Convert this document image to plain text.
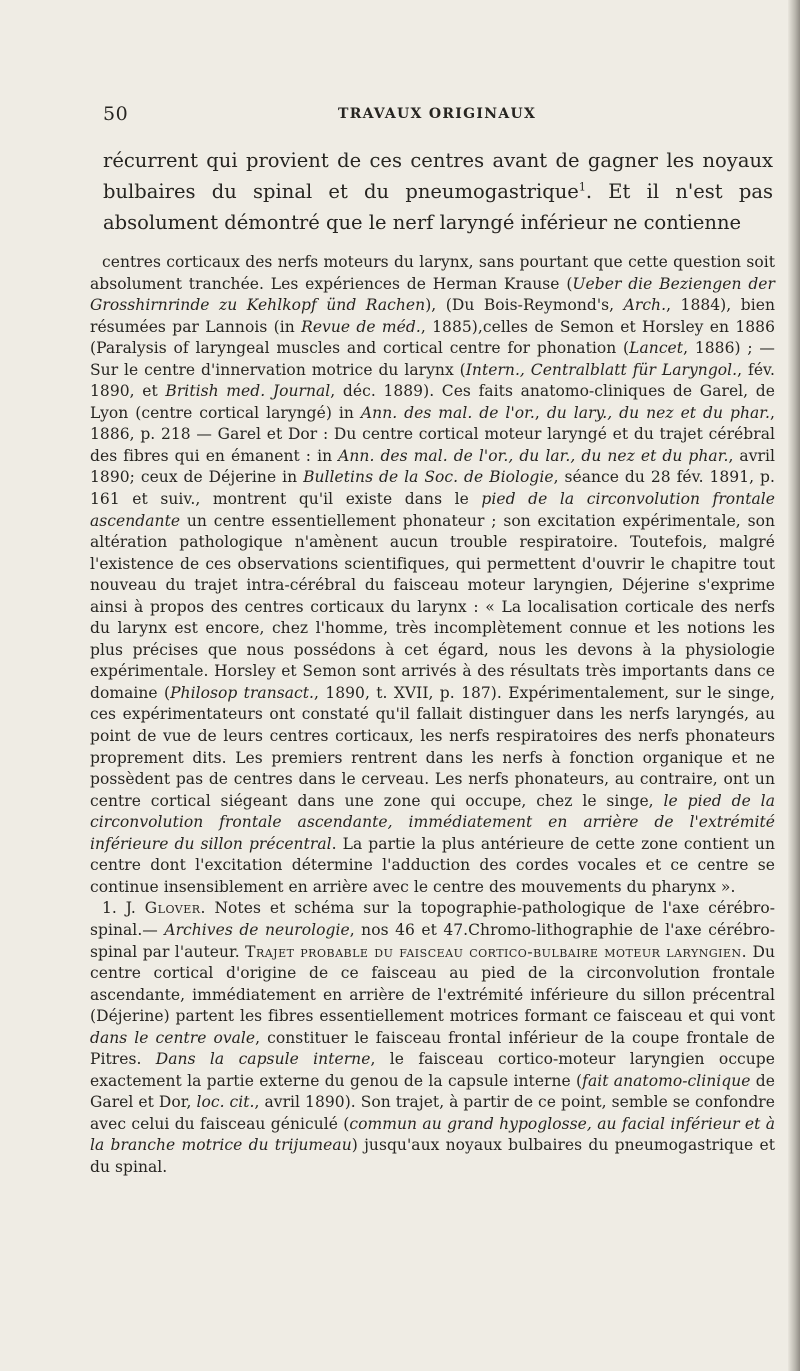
50	TRAVAUX ORIGINAUX
récurrent qui provient de ces centres avant de gagner les noyaux bulbaires du spinal et du pneumogastrique$^1$. Et il n'est pas absolument démontré que le nerf laryngé inférieur ne contienne

centres corticaux des nerfs moteurs du larynx, sans pourtant que cette question soit absolument tranchée. Les expériences de Herman Krause (Ueber die Beziengen der Grosshirnrinde zu Kehlkopf ünd Rachen), (Du Bois-Reymond's, Arch., 1884), bien résumées par Lannois (in Revue de méd., 1885),celles de Semon et Horsley en 1886 (Paralysis of laryngeal muscles and cortical centre for phonation (Lancet, 1886) ; — Sur le centre d'innervation motrice du larynx (Intern., Centralblatt für Laryngol., fév. 1890, et British med. Journal, déc. 1889). Ces faits anatomo-cliniques de Garel, de Lyon (centre cortical laryngé) in Ann. des mal. de l'or., du lary., du nez et du phar., 1886, p. 218 — Garel et Dor : Du centre cortical moteur laryngé et du trajet cérébral des fibres qui en émanent : in Ann. des mal. de l'or., du lar., du nez et du phar., avril 1890; ceux de Déjerine in Bulletins de la Soc. de Biologie, séance du 28 fév. 1891, p. 161 et suiv., montrent qu'il existe dans le pied de la circonvolution frontale ascendante un centre essentiellement phonateur ; son excitation expérimentale, son altération pathologique n'amènent aucun trouble respiratoire. Toutefois, malgré l'existence de ces observations scientifiques, qui permettent d'ouvrir le chapitre tout nouveau du trajet intra-cérébral du faisceau moteur laryngien, Déjerine s'exprime ainsi à propos des centres corticaux du larynx : « La localisation corticale des nerfs du larynx est encore, chez l'homme, très incomplètement connue et les notions les plus précises que nous possédons à cet égard, nous les devons à la physiologie expérimentale. Horsley et Semon sont arrivés à des résultats très importants dans ce domaine (Philosop transact., 1890, t. XVII, p. 187). Expérimentalement, sur le singe, ces expérimentateurs ont constaté qu'il fallait distinguer dans les nerfs laryngés, au point de vue de leurs centres corticaux, les nerfs respiratoires des nerfs phonateurs proprement dits. Les premiers rentrent dans les nerfs à fonction organique et ne possèdent pas de centres dans le cerveau. Les nerfs phonateurs, au contraire, ont un centre cortical siégeant dans une zone qui occupe, chez le singe, le pied de la circonvolution frontale ascendante, immédiatement en arrière de l'extrémité inférieure du sillon précentral. La partie la plus antérieure de cette zone contient un centre dont l'excitation détermine l'adduction des cordes vocales et ce centre se continue insensiblement en arrière avec le centre des mouvements du pharynx ».

1. J. Glover. Notes et schéma sur la topographie-pathologique de l'axe cérébro-spinal.— Archives de neurologie, nos 46 et 47.Chromo-lithographie de l'axe cérébro-spinal par l'auteur. Trajet probable du faisceau cortico-bulbaire moteur laryngien. Du centre cortical d'origine de ce faisceau au pied de la circonvolution frontale ascendante, immédiatement en arrière de l'extrémité inférieure du sillon précentral (Déjerine) partent les fibres essentiellement motrices formant ce faisceau et qui vont dans le centre ovale, constituer le faisceau frontal inférieur de la coupe frontale de Pitres. Dans la capsule interne, le faisceau cortico-moteur laryngien occupe exactement la partie externe du genou de la capsule interne (fait anatomo-clinique de Garel et Dor, loc. cit., avril 1890). Son trajet, à partir de ce point, semble se confondre avec celui du faisceau géniculé (commun au grand hypoglosse, au facial inférieur et à la branche motrice du trijumeau) jusqu'aux noyaux bulbaires du pneumogastrique et du spinal.
